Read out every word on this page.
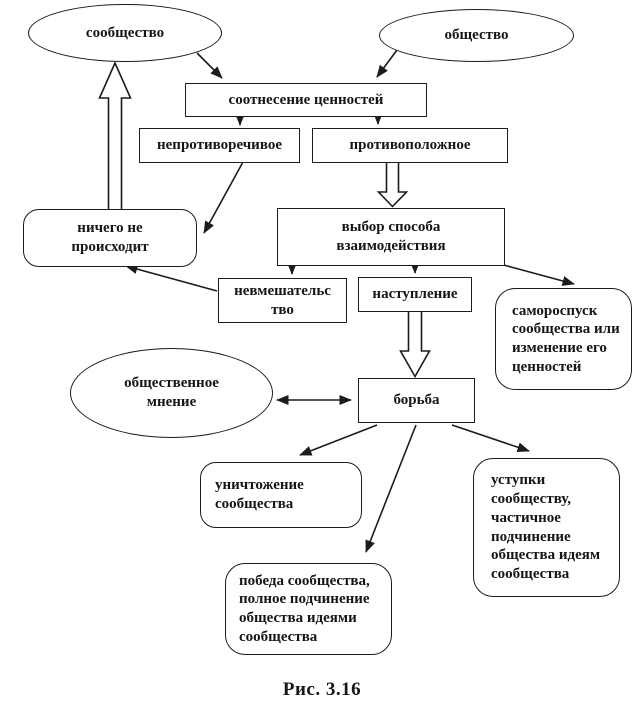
сообщество	общество
соотнесение ценностей
непротиворечивое	противоположное
ничего не происходит
выбор способа взаимодействия
невмешательство
наступление
самороспуск сообщества или изменение его ценностей
общественное мнение	борьба
уничтожение сообщества
победа сообщества, полное подчинение общества идеями сообщества
уступки сообществу, частичное подчинение общества идеям сообщества
Рис. 3.16
